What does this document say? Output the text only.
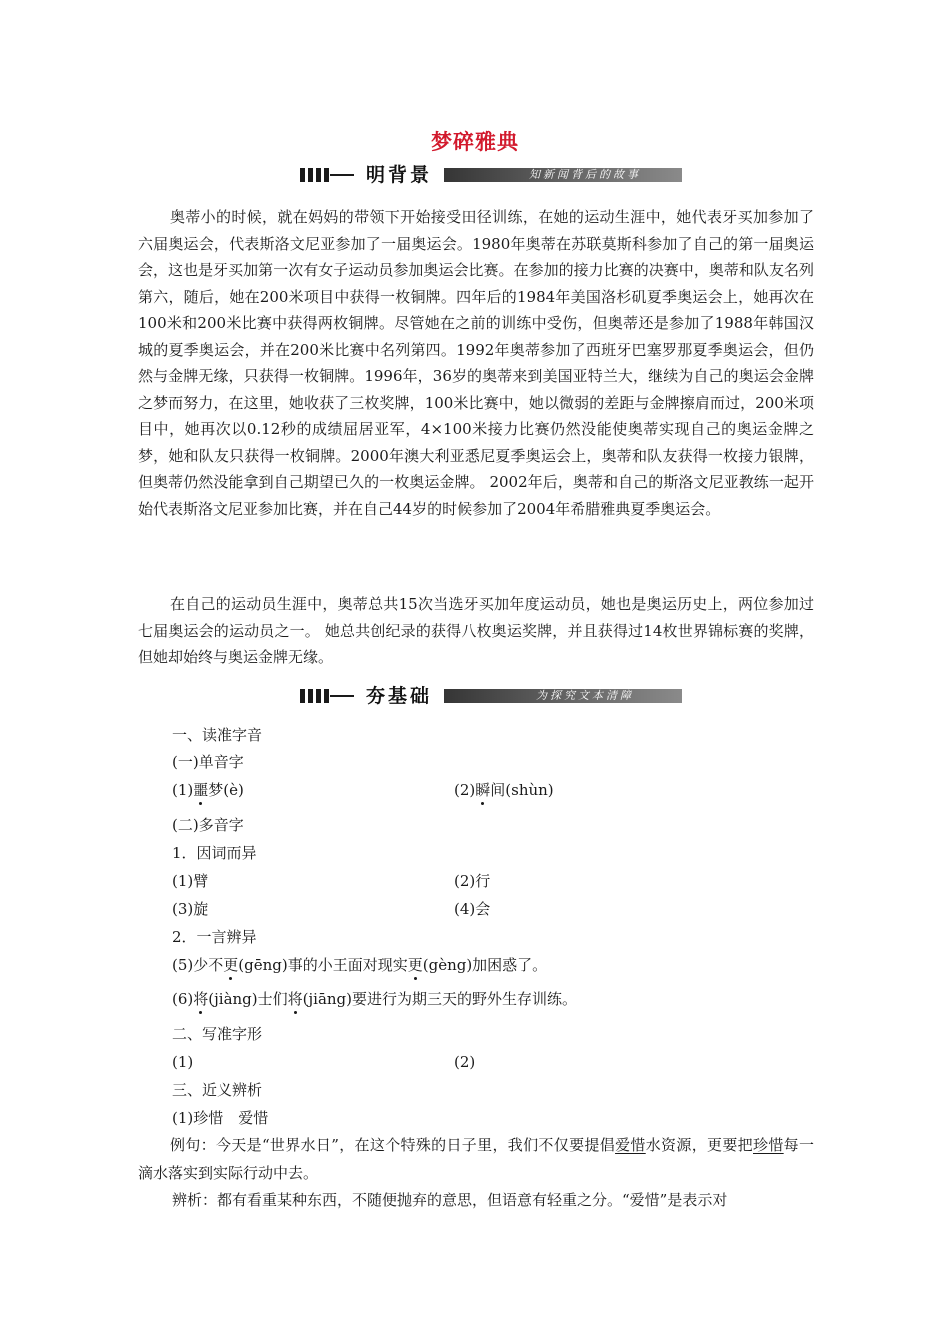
梦碎雅典
明背景	知新闻背后的故事

奥蒂小的时候，就在妈妈的带领下开始接受田径训练，在她的运动生涯中，她代表牙买加参加了六届奥运会，代表斯洛文尼亚参加了一届奥运会。1980年奥蒂在苏联莫斯科参加了自己的第一届奥运会，这也是牙买加第一次有女子运动员参加奥运会比赛。在参加的接力比赛的决赛中，奥蒂和队友名列第六，随后，她在200米项目中获得一枚铜牌。四年后的1984年美国洛杉矶夏季奥运会上，她再次在100米和200米比赛中获得两枚铜牌。尽管她在之前的训练中受伤，但奥蒂还是参加了1988年韩国汉城的夏季奥运会，并在200米比赛中名列第四。1992年奥蒂参加了西班牙巴塞罗那夏季奥运会，但仍然与金牌无缘，只获得一枚铜牌。1996年，36岁的奥蒂来到美国亚特兰大，继续为自己的奥运会金牌之梦而努力，在这里，她收获了三枚奖牌，100米比赛中，她以微弱的差距与金牌擦肩而过，200米项目中，她再次以0.12秒的成绩屈居亚军，4×100米接力比赛仍然没能使奥蒂实现自己的奥运金牌之梦，她和队友只获得一枚铜牌。2000年澳大利亚悉尼夏季奥运会上，奥蒂和队友获得一枚接力银牌，但奥蒂仍然没能拿到自己期望已久的一枚奥运金牌。 2002年后，奥蒂和自己的斯洛文尼亚教练一起开始代表斯洛文尼亚参加比赛，并在自己44岁的时候参加了2004年希腊雅典夏季奥运会。

在自己的运动员生涯中，奥蒂总共15次当选牙买加年度运动员，她也是奥运历史上，两位参加过七届奥运会的运动员之一。 她总共创纪录的获得八枚奥运奖牌，并且获得过14枚世界锦标赛的奖牌，但她却始终与奥运金牌无缘。

夯基础	为探究文本清障
一、读准字音
(一)单音字
(1)噩梦(è)	(2)瞬间(shùn)
(二)多音字
1．因词而异
(1)臂	(2)行
(3)旋	(4)会
2．一言辨异
(5)少不更(gēng)事的小王面对现实更(gèng)加困惑了。
(6)将(jiàng)士们将(jiāng)要进行为期三天的野外生存训练。
二、写准字形
(1)	(2)
三、近义辨析
(1)珍惜　爱惜

例句：今天是“世界水日”，在这个特殊的日子里，我们不仅要提倡爱惜水资源，更要把珍惜每一滴水落实到实际行动中去。

辨析：都有看重某种东西，不随便抛弃的意思，但语意有轻重之分。“爱惜”是表示对
